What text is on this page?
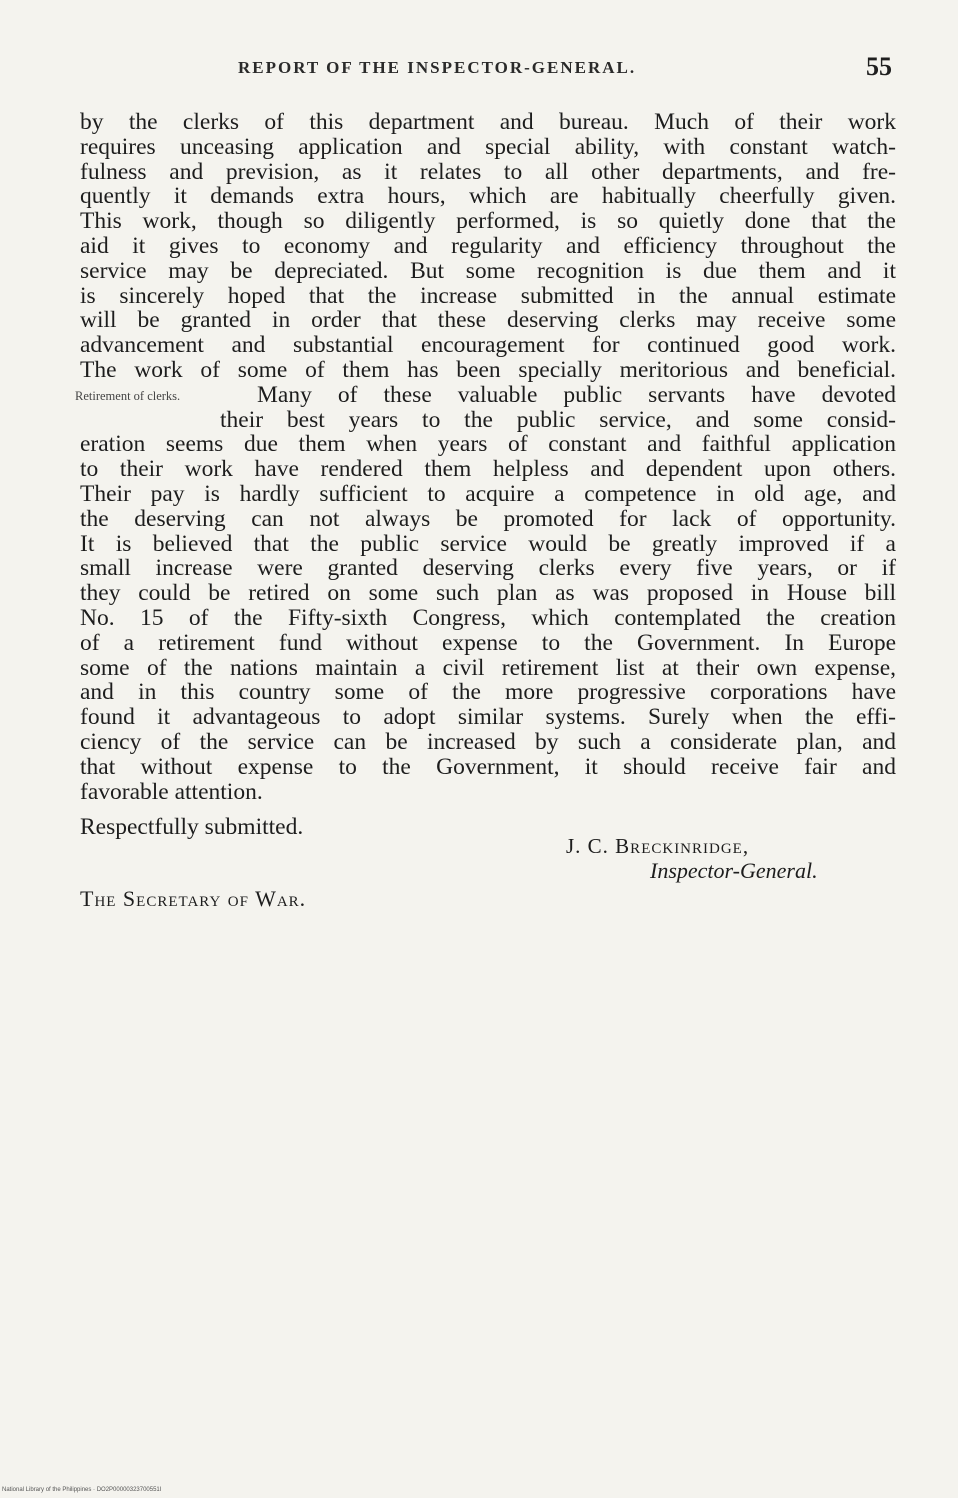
REPORT OF THE INSPECTOR-GENERAL.	55
by the clerks of this department and bureau. Much of their work
requires unceasing application and special ability, with constant watch-
fulness and prevision, as it relates to all other departments, and fre-
quently it demands extra hours, which are habitually cheerfully given.
This work, though so diligently performed, is so quietly done that the
aid it gives to economy and regularity and efficiency throughout the
service may be depreciated. But some recognition is due them and it
is sincerely hoped that the increase submitted in the annual estimate
will be granted in order that these deserving clerks may receive some
advancement and substantial encouragement for continued good work.
The work of some of them has been specially meritorious and beneficial.
Retirement of clerks.	Many of these valuable public servants have devoted
their best years to the public service, and some consid-
eration seems due them when years of constant and faithful application
to their work have rendered them helpless and dependent upon others.
Their pay is hardly sufficient to acquire a competence in old age, and
the deserving can not always be promoted for lack of opportunity.
It is believed that the public service would be greatly improved if a
small increase were granted deserving clerks every five years, or if
they could be retired on some such plan as was proposed in House bill
No. 15 of the Fifty-sixth Congress, which contemplated the creation
of a retirement fund without expense to the Government. In Europe
some of the nations maintain a civil retirement list at their own expense,
and in this country some of the more progressive corporations have
found it advantageous to adopt similar systems. Surely when the effi-
ciency of the service can be increased by such a considerate plan, and
that without expense to the Government, it should receive fair and
favorable attention.
Respectfully submitted.
J. C. Breckinridge,
Inspector-General.
The Secretary of War.
National Library of the Philippines · DO2P00000323700551I
